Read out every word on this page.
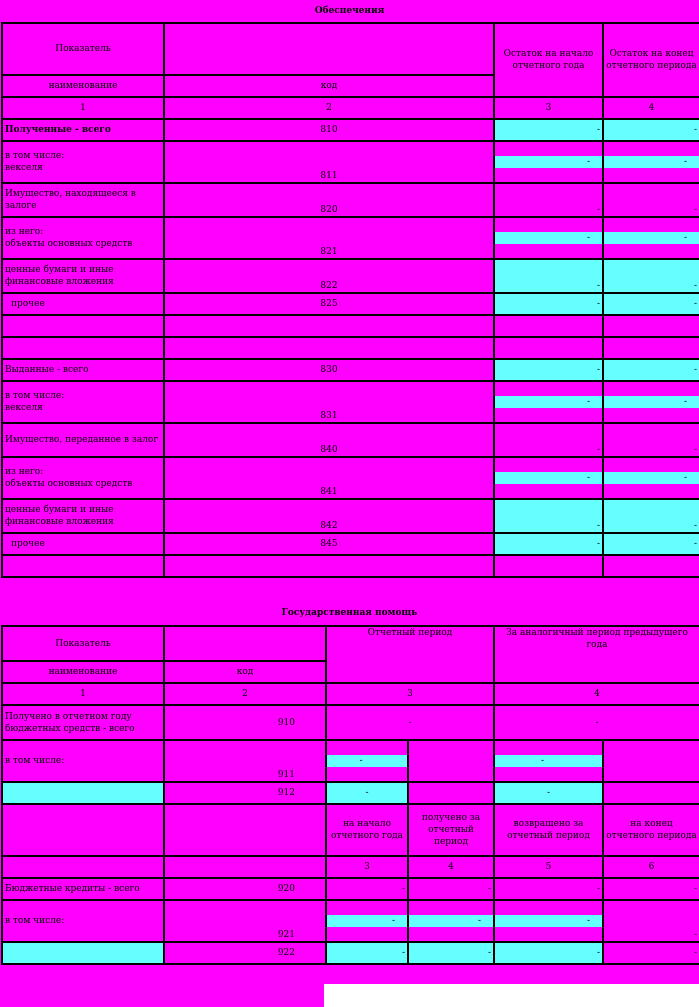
Обеспечения
Показатель		Остаток на начало отчетного года	Остаток на конец отчетного периода
наименование	код		
1	2	3	4
Полученные - всего	810	-	-

в том числе:
векселя	811	-	-

Имущество, находящееся в залоге	820	-	-

из него:
объекты основных средств	821	-	-

ценные бумаги и иные финансовые вложения	822	-	-
прочее	825	-	-

Выданные - всего	830	-	-

в том числе:
векселя	831	-	-

Имущество, переданное в залог	840	-	-

из него:
объекты основных средств	841	-	-

ценные бумаги и иные финансовые вложения	842	-	-
прочее	845	-	-

Государственная помощь
Показатель		Отчетный период		За аналогичный период предыдущего года	
наименование	код				
1	2	3		4	
Получено в отчетном году бюджетных средств - всего	910	-		-	

в том числе:	911	-		-	

	912	-		-	
		на начало отчетного года	получено за отчетный период	возвращено за отчетный период	на конец отчетного периода
		3	4	5	6
Бюджетные кредиты - всего	920	-	-	-	-

в том числе:	921	-	-	-	-
	922	-	-	-	-
